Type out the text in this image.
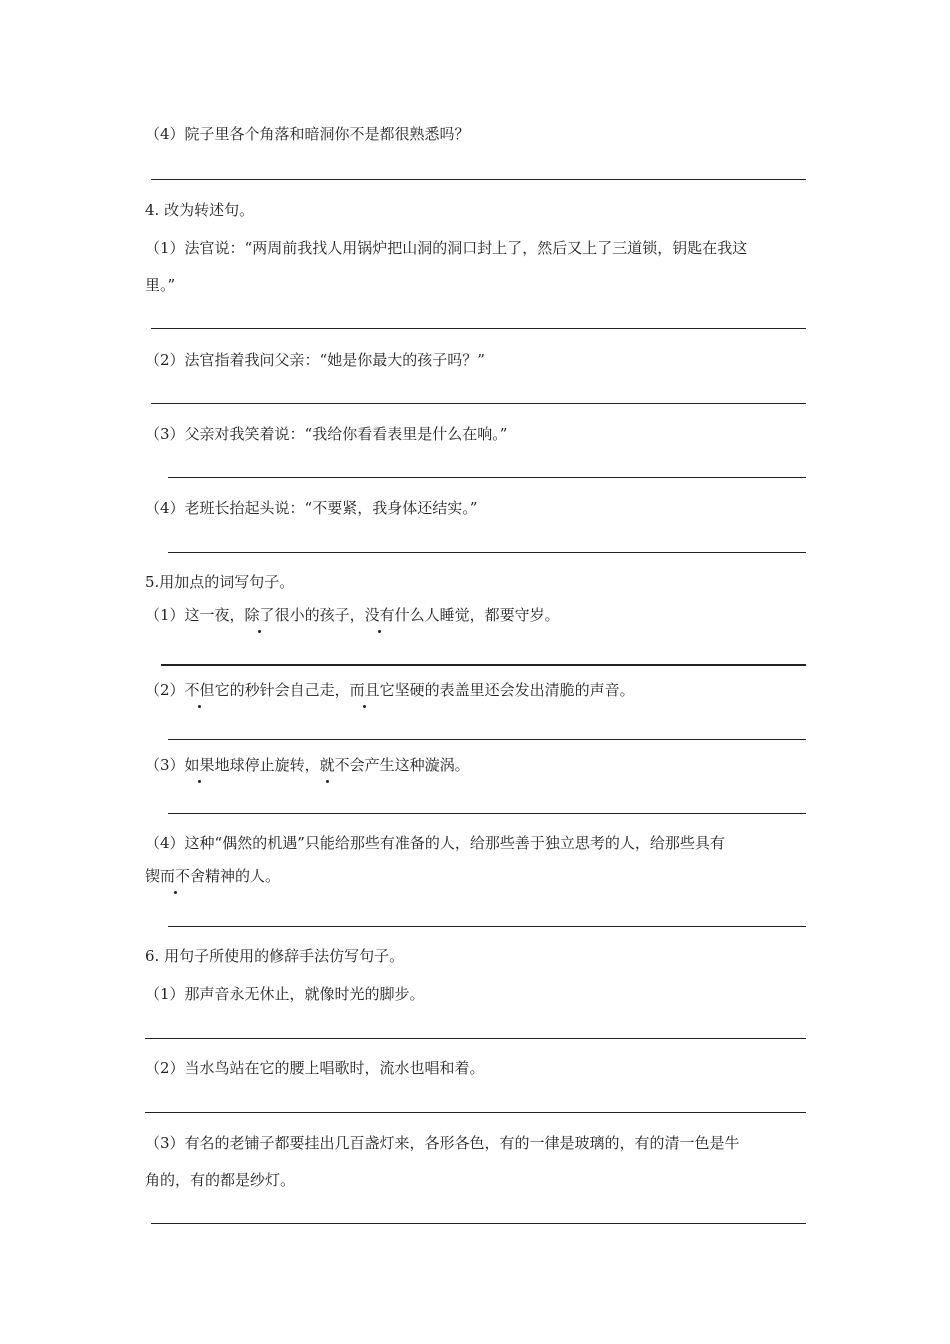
（4）院子里各个角落和暗洞你不是都很熟悉吗？
4. 改为转述句。
（1）法官说：“两周前我找人用锅炉把山洞的洞口封上了，然后又上了三道锁，钥匙在我这
里。”
（2）法官指着我问父亲：“她是你最大的孩子吗？”
（3）父亲对我笑着说：“我给你看看表里是什么在响。”
（4）老班长抬起头说：“不要紧，我身体还结实。”
5.用加点的词写句子。
（1）这一夜，除了很小的孩子，没有什么人睡觉，都要守岁。
（2）不但它的秒针会自己走，而且它坚硬的表盖里还会发出清脆的声音。
（3）如果地球停止旋转，就不会产生这种漩涡。
（4）这种“偶然的机遇”只能给那些有准备的人，给那些善于独立思考的人，给那些具有
锲而不舍精神的人。
6. 用句子所使用的修辞手法仿写句子。
（1）那声音永无休止，就像时光的脚步。
（2）当水鸟站在它的腰上唱歌时，流水也唱和着。
（3）有名的老铺子都要挂出几百盏灯来，各形各色，有的一律是玻璃的，有的清一色是牛
角的，有的都是纱灯。
